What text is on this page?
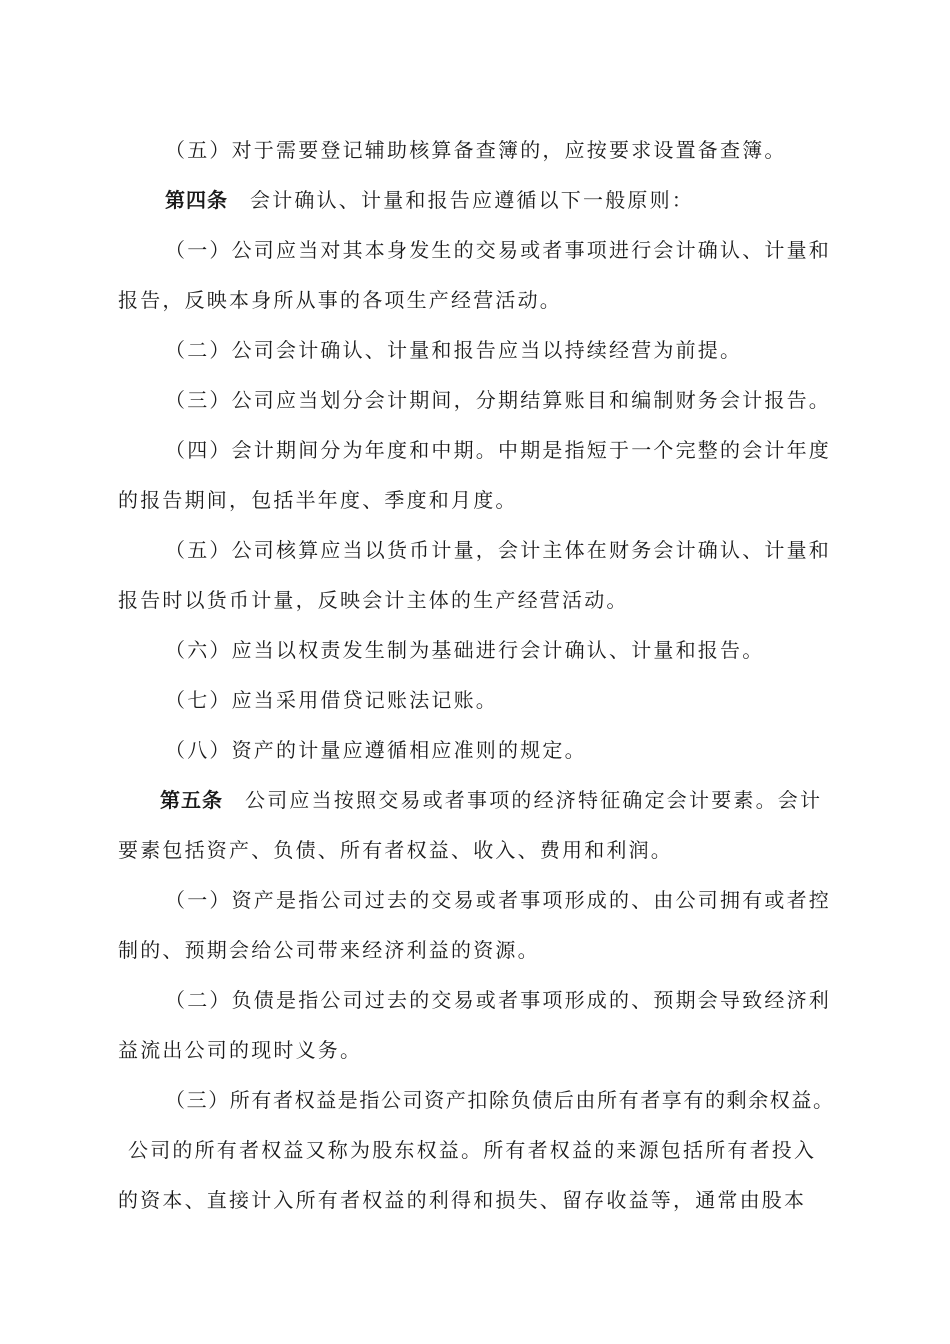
（五）对于需要登记辅助核算备查簿的，应按要求设置备查簿。
第四条 会计确认、计量和报告应遵循以下一般原则：
（一）公司应当对其本身发生的交易或者事项进行会计确认、计量和
报告，反映本身所从事的各项生产经营活动。
（二）公司会计确认、计量和报告应当以持续经营为前提。
（三）公司应当划分会计期间，分期结算账目和编制财务会计报告。
（四）会计期间分为年度和中期。中期是指短于一个完整的会计年度
的报告期间，包括半年度、季度和月度。
（五）公司核算应当以货币计量，会计主体在财务会计确认、计量和
报告时以货币计量，反映会计主体的生产经营活动。
（六）应当以权责发生制为基础进行会计确认、计量和报告。
（七）应当采用借贷记账法记账。
（八）资产的计量应遵循相应准则的规定。
第五条 公司应当按照交易或者事项的经济特征确定会计要素。会计
要素包括资产、负债、所有者权益、收入、费用和利润。
（一）资产是指公司过去的交易或者事项形成的、由公司拥有或者控
制的、预期会给公司带来经济利益的资源。
（二）负债是指公司过去的交易或者事项形成的、预期会导致经济利
益流出公司的现时义务。
（三）所有者权益是指公司资产扣除负债后由所有者享有的剩余权益。
公司的所有者权益又称为股东权益。所有者权益的来源包括所有者投入
的资本、直接计入所有者权益的利得和损失、留存收益等，通常由股本
